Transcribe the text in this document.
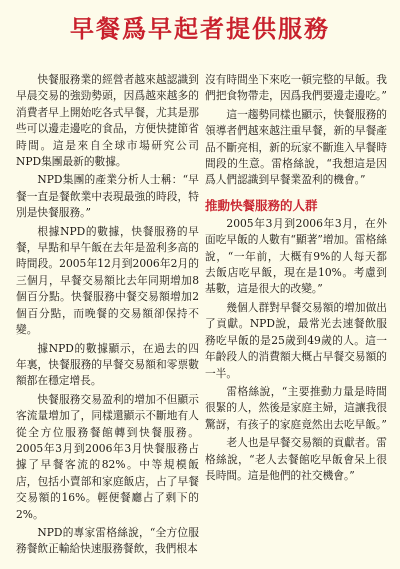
早餐爲早起者提供服務

快餐服務業的經營者越來越認識到早晨交易的強勁勢頭，因爲越來越多的消費者早上開始吃各式早餐，尤其是那些可以邊走邊吃的食品，方便快捷節省時間。這是來自全球市場研究公司NPD集團最新的數據。

NPD集團的產業分析人士稱：“早餐一直是餐飲業中表現最強的時段，特別是快餐服務。”

根據NPD的數據，快餐服務的早餐，早點和早午飯在去年是盈利多高的時間段。2005年12月到2006年2月的三個月，早餐交易額比去年同期增加8個百分點。快餐服務中餐交易額增加2個百分點，而晚餐的交易額卻保持不變。

據NPD的數據顯示，在過去的四年裏，快餐服務的早餐交易額和零票數額都在穩定增長。

快餐服務交易盈利的增加不但顯示客流量增加了，同樣還顯示不斷地有人從全方位服務餐館轉到快餐服務。2005年3月到2006年3月快餐服務占據了早餐客流的82%。中等規模飯店，包括小賣部和家庭飯店，占了早餐交易額的16%。輕便餐廳占了剩下的2%。

NPD的專家雷格絲說，“全方位服務餐飲正輸給快速服務餐飲，我們根本

沒有時間坐下來吃一頓完整的早飯。我們把食物帶走，因爲我們要邊走邊吃。”

這一趨勢同樣也顯示，快餐服務的領導者們越來越注重早餐，新的早餐產品不斷亮相，新的玩家不斷進入早餐時間段的生意。雷格絲說，“我想這是因爲人們認識到早餐業盈利的機會。”

推動快餐服務的人群

2005年3月到2006年3月，在外面吃早飯的人數有“顯著”增加。雷格絲說，“一年前，大概有9%的人每天都去飯店吃早飯，現在是10%。考慮到基數，這是很大的改變。”

幾個人群對早餐交易額的增加做出了貢獻。NPD說，最常光去速餐飲服務吃早飯的是25歲到49歲的人。這一年齡段人的消費額大概占早餐交易額的一半。

雷格絲說，“主要推動力量是時間很緊的人，然後是家庭主婦，這讓我很驚訝，有孩子的家庭竟然出去吃早飯。”

老人也是早餐交易額的貢獻者。雷格絲說，“老人去餐館吃早飯會呆上很長時間。這是他們的社交機會。”
